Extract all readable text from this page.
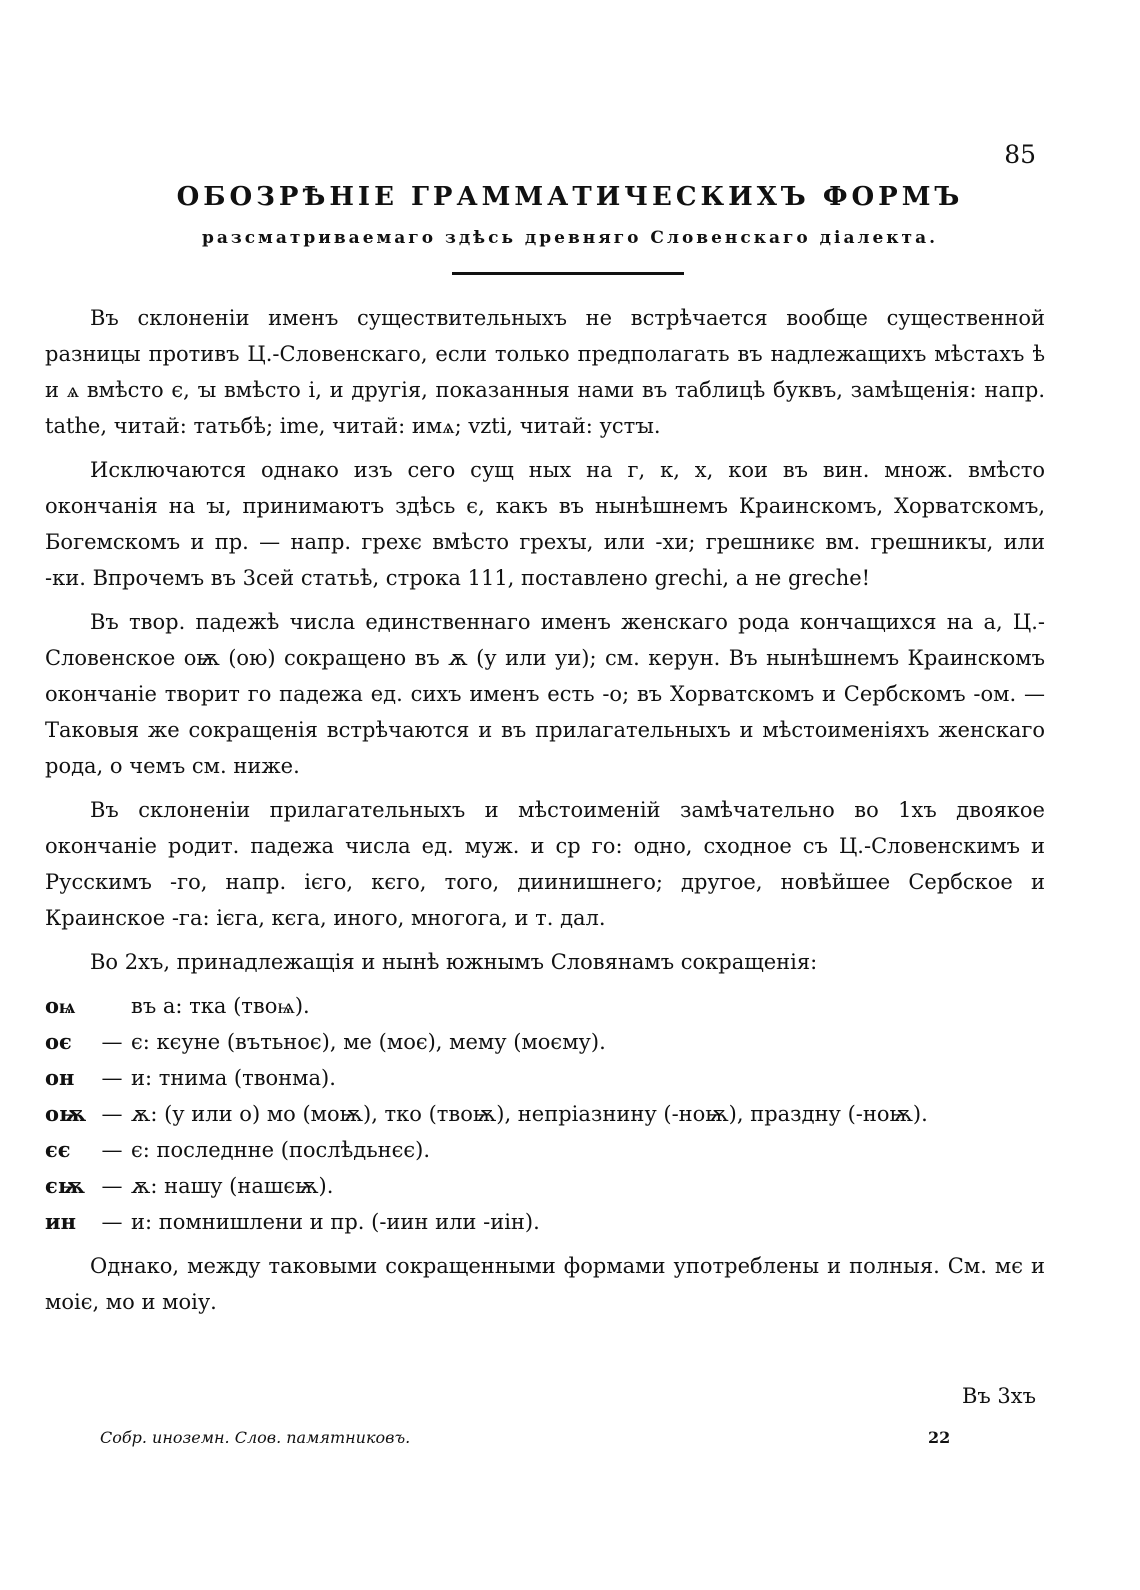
85
ОБОЗРѢНІЕ ГРАММАТИЧЕСКИХЪ ФОРМЪ
разсматриваемаго здѣсь древняго Словенскаго діалекта.

Въ склоненіи именъ существительныхъ не встрѣчается вообще существенной разницы противъ Ц.-Словенскаго, если только предполагать въ надлежащихъ мѣстахъ ѣ и ѧ вмѣсто є, ꙑ вмѣсто і, и другія, показанныя нами въ таблицѣ буквъ, замѣщенія: напр. tathe, читай: татьбѣ; ime, читай: имѧ; vzti, читай: устꙑ.

Исключаются однако изъ сего сущ ных на г, к, х, кои въ вин. множ. вмѣсто окончанія на ꙑ, принимаютъ здѣсь є, какъ въ нынѣшнемъ Краинскомъ, Хорватскомъ, Богемскомъ и пр. — напр. грехє вмѣсто грехꙑ, или -хи; грешникє вм. грешникꙑ, или -ки. Впрочемъ въ 3сей статьѣ, строка 111, поставлено grechi, а не greche!

Въ твор. падежѣ числа единственнаго именъ женскаго рода кончащихся на а, Ц.-Словенское оѭ (ою) сокращено въ ѫ (у или уи); см. керун. Въ нынѣшнемъ Краинскомъ окончаніе творит го падежа ед. сихъ именъ есть -о; въ Хорватскомъ и Сербскомъ -ом. — Таковыя же сокращенія встрѣчаются и въ прилагательныхъ и мѣстоименіяхъ женскаго рода, о чемъ см. ниже.

Въ склоненіи прилагательныхъ и мѣстоименій замѣчательно во 1хъ двоякое окончаніе родит. падежа числа ед. муж. и ср го: одно, сходное съ Ц.-Словенскимъ и Русскимъ -го, напр. ієго, кєго, того, диинишнего; другое, новѣйшее Сербское и Краинское -га: ієга, кєга, иного, многога, и т. дал.

Во 2хъ, принадлежащія и нынѣ южнымъ Словянамъ сокращенія:

оѩ	въ а: тка (твоѩ).
оє	— є: кєуне (вътьноє), ме (моє), мему (моєму).
он	— и: тнима (твонма).
оѭ — ѫ: (у или о) мо (моѭ), тко (твоѭ), непріазнину (-ноѭ), праздну (-ноѭ).
єє	— є: последнне (послѣдьнєє).
єѭ — ѫ: нашу (нашєѭ).
ин	— и: помнишлени и пр. (-иин или -иін).

Однако, между таковыми сокращенными формами употреблены и полныя. См. мє и моіє, мо и моіу.

Въ 3хъ
Собр. иноземн. Слов. памятниковъ.	22
